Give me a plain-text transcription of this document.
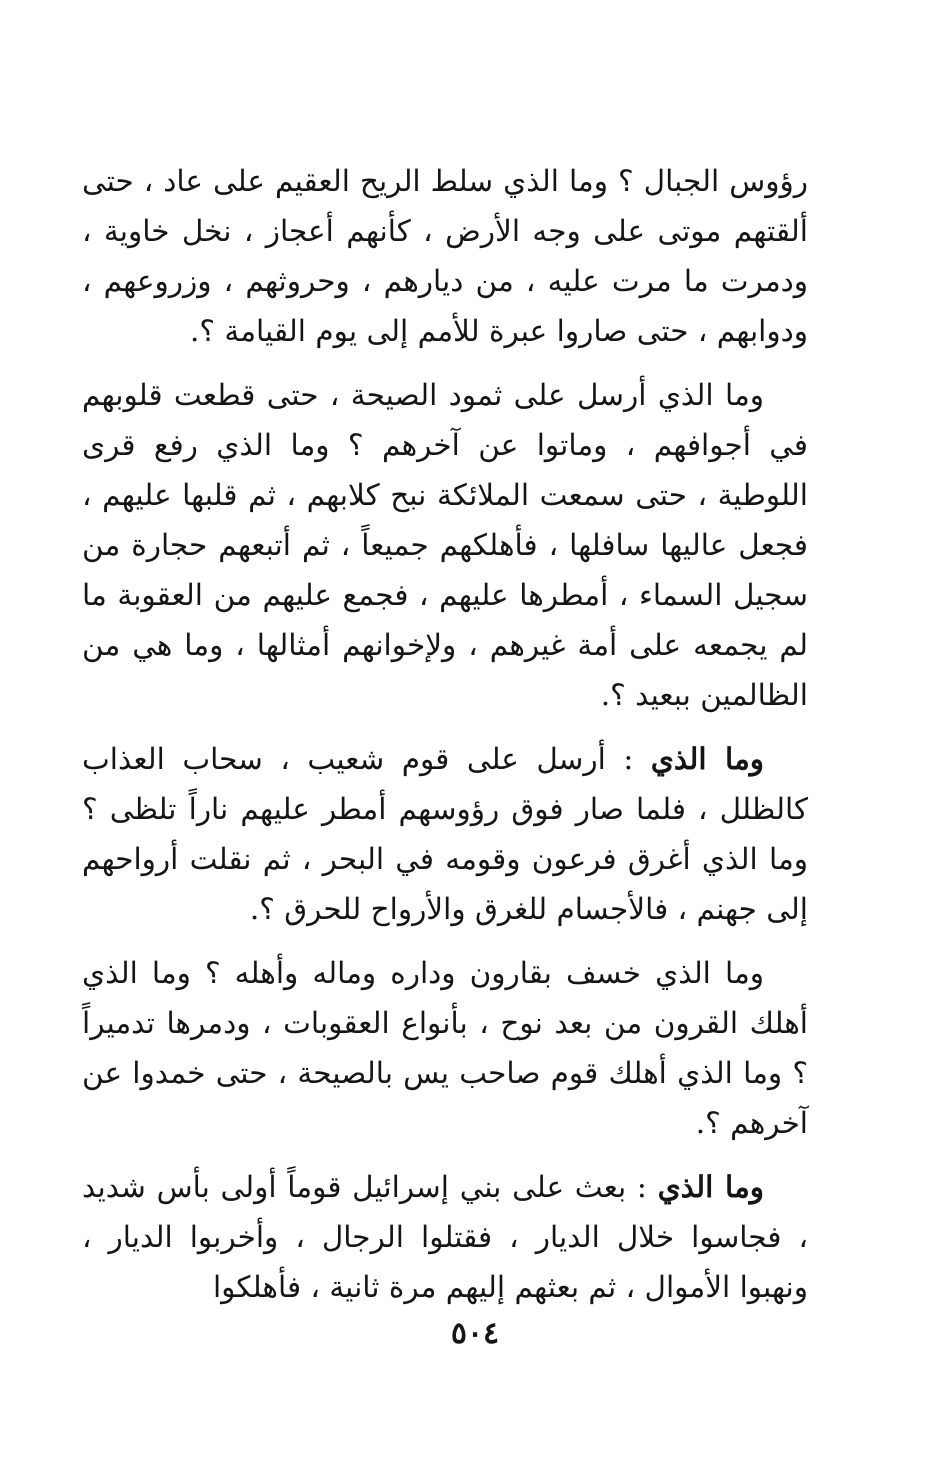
رؤوس الجبال ؟ وما الذي سلط الريح العقيم على عاد ، حتى ألقتهم موتى على وجه الأرض ، كأنهم أعجاز ، نخل خاوية ، ودمرت ما مرت عليه ، من ديارهم ، وحروثهم ، وزروعهم ، ودوابهم ، حتى صاروا عبرة للأمم إلى يوم القيامة ؟.

وما الذي أرسل على ثمود الصيحة ، حتى قطعت قلوبهم في أجوافهم ، وماتوا عن آخرهم ؟ وما الذي رفع قرى اللوطية ، حتى سمعت الملائكة نبح كلابهم ، ثم قلبها عليهم ، فجعل عاليها سافلها ، فأهلكهم جميعاً ، ثم أتبعهم حجارة من سجيل السماء ، أمطرها عليهم ، فجمع عليهم من العقوبة ما لم يجمعه على أمة غيرهم ، ولإخوانهم أمثالها ، وما هي من الظالمين ببعيد ؟.

وما الذي : أرسل على قوم شعيب ، سحاب العذاب كالظلل ، فلما صار فوق رؤوسهم أمطر عليهم ناراً تلظى ؟ وما الذي أغرق فرعون وقومه في البحر ، ثم نقلت أرواحهم إلى جهنم ، فالأجسام للغرق والأرواح للحرق ؟.

وما الذي خسف بقارون وداره وماله وأهله ؟ وما الذي أهلك القرون من بعد نوح ، بأنواع العقوبات ، ودمرها تدميراً ؟ وما الذي أهلك قوم صاحب يس بالصيحة ، حتى خمدوا عن آخرهم ؟.

وما الذي : بعث على بني إسرائيل قوماً أولى بأس شديد ، فجاسوا خلال الديار ، فقتلوا الرجال ، وأخربوا الديار ، ونهبوا الأموال ، ثم بعثهم إليهم مرة ثانية ، فأهلكوا

٥٠٤
